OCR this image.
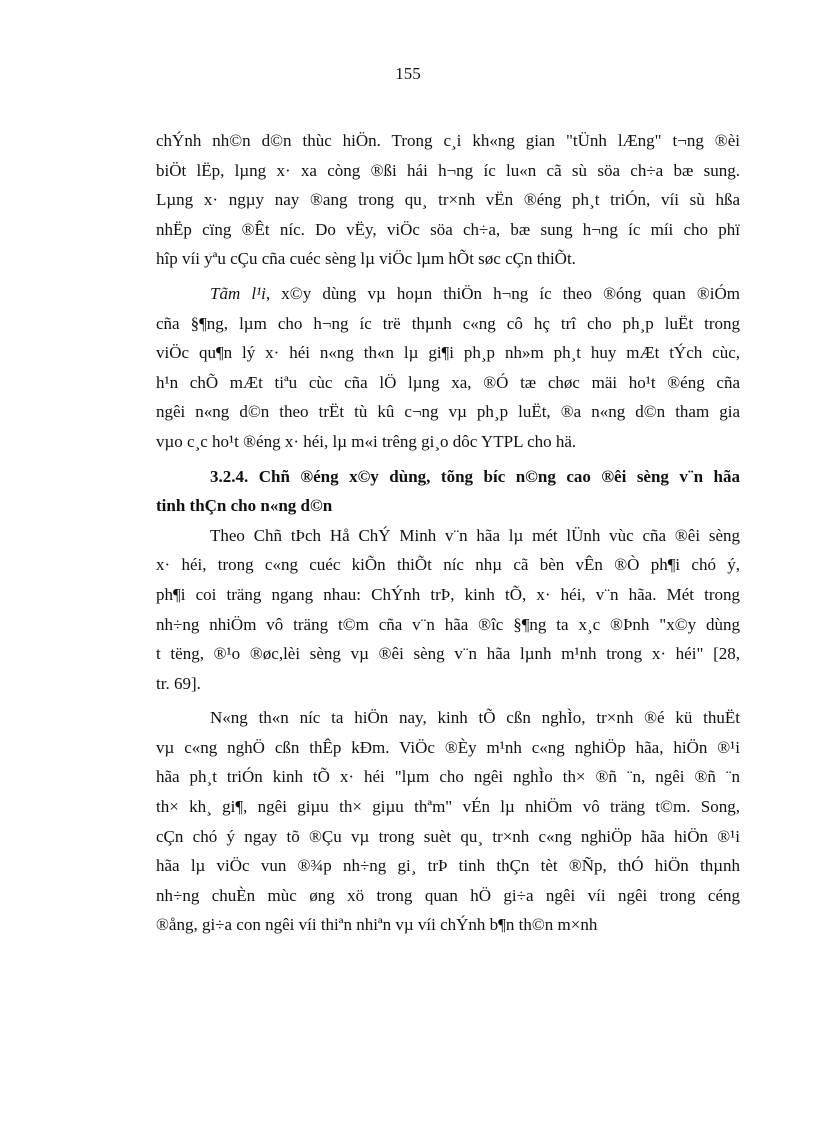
155
chÝnh nh©n d©n thùc hiÖn. Trong c¸i kh«ng gian "tÜnh lÆng" t¬ng ®èi
biÖt lËp, lµng x· xa còng ®ßi hái h¬ng íc lu«n cã sù söa ch÷a bæ sung.
Lµng x· ngµy nay ®ang trong qu¸ tr×nh vËn ®éng ph¸t triÓn, víi sù hßa
nhËp cïng ®Êt níc. Do vËy, viÖc söa ch÷a, bæ sung h¬ng íc míi cho phï
hîp víi yªu cÇu cña cuéc sèng lµ viÖc lµm hÕt søc cÇn thiÕt.
Tãm l¹i, x©y dùng vµ hoµn thiÖn h¬ng íc theo ®óng quan ®iÓm
cña §¶ng, lµm cho h¬ng íc trë thµnh c«ng cô hç trî cho ph¸p luËt trong
viÖc qu¶n lý x· héi n«ng th«n lµ gi¶i ph¸p nh»m ph¸t huy mÆt tÝch cùc,
h¹n chÕ mÆt tiªu cùc cña lÖ lµng xa, ®Ó tæ chøc mäi ho¹t ®éng cña
ngêi n«ng d©n theo trËt tù kû c¬ng vµ ph¸p luËt, ®a n«ng d©n tham gia
vµo c¸c ho¹t ®éng x· héi, lµ m«i trêng gi¸o dôc YTPL cho hä.
3.2.4. Chñ ®éng x©y dùng, tõng bíc n©ng cao ®êi sèng v¨n hãa
tinh thÇn cho n«ng d©n
Theo Chñ tÞch Hå ChÝ Minh v¨n hãa lµ mét lÜnh vùc cña ®êi sèng
x· héi, trong c«ng cuéc kiÕn thiÕt níc nhµ cã bèn vÊn ®Ò ph¶i chó ý,
ph¶i coi träng ngang nhau: ChÝnh trÞ, kinh tÕ, x· héi, v¨n hãa. Mét trong
nh÷ng nhiÖm vô träng t©m cña v¨n hãa ®îc §¶ng ta x¸c ®Þnh "x©y dùng
t tëng, ®¹o ®øc,lèi sèng vµ ®êi sèng v¨n hãa lµnh m¹nh trong x· héi" [28,
tr. 69].
N«ng th«n níc ta hiÖn nay, kinh tÕ cßn nghÌo, tr×nh ®é kü thuËt
vµ c«ng nghÖ cßn thÊp kÐm. ViÖc ®Èy m¹nh c«ng nghiÖp hãa, hiÖn ®¹i
hãa ph¸t triÓn kinh tÕ x· héi "lµm cho ngêi nghÌo th× ®ñ ¨n, ngêi ®ñ ¨n
th× kh¸ gi¶, ngêi giµu th× giµu thªm" vÉn lµ nhiÖm vô träng t©m. Song,
cÇn chó ý ngay tõ ®Çu vµ trong suèt qu¸ tr×nh c«ng nghiÖp hãa hiÖn ®¹i
hãa lµ viÖc vun ®¾p nh÷ng gi¸ trÞ tinh thÇn tèt ®Ñp, thÓ hiÖn thµnh
nh÷ng chuÈn mùc øng xö trong quan hÖ gi÷a ngêi víi ngêi trong céng
®ång, gi÷a con ngêi víi thiªn nhiªn vµ víi chÝnh b¶n th©n m×nh
